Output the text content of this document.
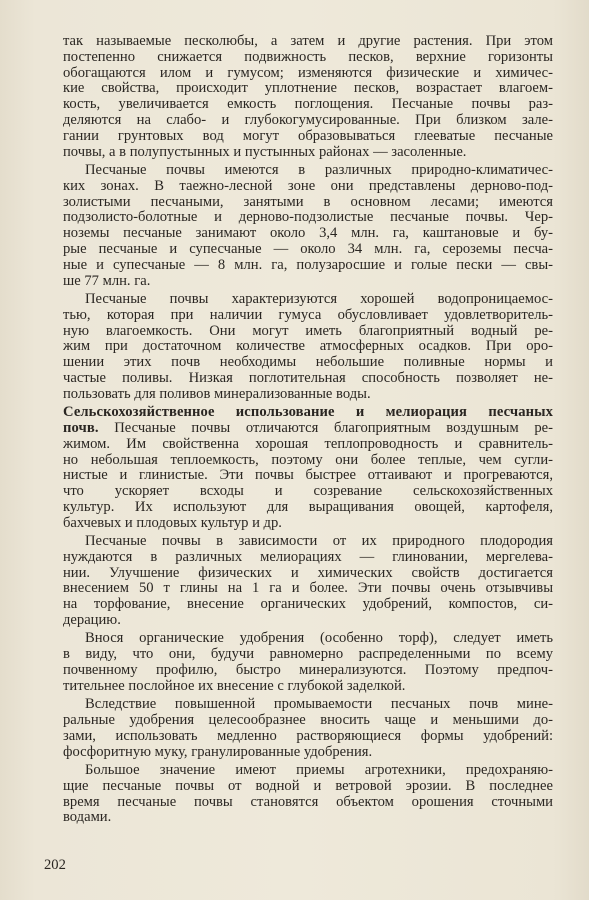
так называемые песколюбы, а затем и другие растения. При этом
постепенно снижается подвижность песков, верхние горизонты
обогащаются илом и гумусом; изменяются физические и химичес-
кие свойства, происходит уплотнение песков, возрастает влагоем-
кость, увеличивается емкость поглощения. Песчаные почвы раз-
деляются на слабо- и глубокогумусированные. При близком зале-
гании грунтовых вод могут образовываться глееватые песчаные
почвы, а в полупустынных и пустынных районах — засоленные.
Песчаные почвы имеются в различных природно-климатичес-
ких зонах. В таежно-лесной зоне они представлены дерново-под-
золистыми песчаными, занятыми в основном лесами; имеются
подзолисто-болотные и дерново-подзолистые песчаные почвы. Чер-
ноземы песчаные занимают около 3,4 млн. га, каштановые и бу-
рые песчаные и супесчаные — около 34 млн. га, сероземы песча-
ные и супесчаные — 8 млн. га, полузаросшие и голые пески — свы-
ше 77 млн. га.
Песчаные почвы характеризуются хорошей водопроницаемос-
тью, которая при наличии гумуса обусловливает удовлетворитель-
ную влагоемкость. Они могут иметь благоприятный водный ре-
жим при достаточном количестве атмосферных осадков. При оро-
шении этих почв необходимы небольшие поливные нормы и
частые поливы. Низкая поглотительная способность позволяет не-
пользовать для поливов минерализованные воды.
Сельскохозяйственное использование и мелиорация песчаных
почв. Песчаные почвы отличаются благоприятным воздушным ре-
жимом. Им свойственна хорошая теплопроводность и сравнитель-
но небольшая теплоемкость, поэтому они более теплые, чем сугли-
нистые и глинистые. Эти почвы быстрее оттаивают и прогреваются,
что ускоряет всходы и созревание сельскохозяйственных
культур. Их используют для выращивания овощей, картофеля,
бахчевых и плодовых культур и др.
Песчаные почвы в зависимости от их природного плодородия
нуждаются в различных мелиорациях — глиновании, мергелева-
нии. Улучшение физических и химических свойств достигается
внесением 50 т глины на 1 га и более. Эти почвы очень отзывчивы
на торфование, внесение органических удобрений, компостов, си-
дерацию.
Внося органические удобрения (особенно торф), следует иметь
в виду, что они, будучи равномерно распределенными по всему
почвенному профилю, быстро минерализуются. Поэтому предпоч-
тительнее послойное их внесение с глубокой заделкой.
Вследствие повышенной промываемости песчаных почв мине-
ральные удобрения целесообразнее вносить чаще и меньшими до-
зами, использовать медленно растворяющиеся формы удобрений:
фосфоритную муку, гранулированные удобрения.
Большое значение имеют приемы агротехники, предохраняю-
щие песчаные почвы от водной и ветровой эрозии. В последнее
время песчаные почвы становятся объектом орошения сточными
водами.
202
